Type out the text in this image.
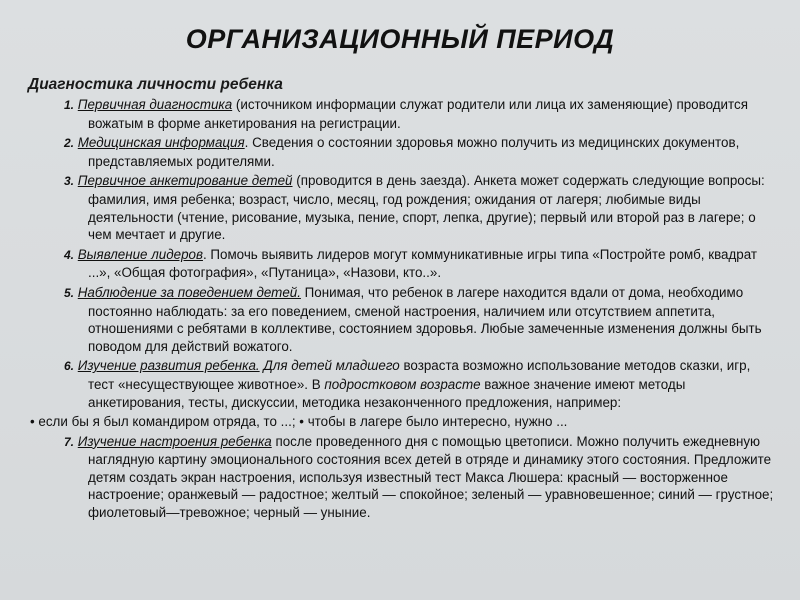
ОРГАНИЗАЦИОННЫЙ ПЕРИОД
Диагностика личности ребенка
1. Первичная диагностика (источником информации служат родители или лица их заменяющие) проводится вожатым в форме анкетирования на регистрации.
2. Медицинская информация. Сведения о состоянии здоровья можно получить из медицинских документов, представляемых родителями.
3. Первичное анкетирование детей (проводится в день заезда). Анкета может содержать следующие вопросы: фамилия, имя ребенка; возраст, число, месяц, год рождения; ожидания от лагеря; любимые виды деятельности (чтение, рисование, музыка, пение, спорт, лепка, другие); первый или второй раз в лагере; о чем мечтает и другие.
4. Выявление лидеров. Помочь выявить лидеров могут коммуникативные игры типа «Постройте ромб, квадрат ...», «Общая фотография», «Путаница», «Назови, кто..».
5. Наблюдение за поведением детей. Понимая, что ребенок в лагере находится вдали от дома, необходимо постоянно наблюдать: за его поведением, сменой настроения, наличием или отсутствием аппетита, отношениями с ребятами в коллективе, состоянием здоровья. Любые замеченные изменения должны быть поводом для действий вожатого.
6. Изучение развития ребенка. Для детей младшего возраста возможно использование методов сказки, игр, тест «несуществующее животное». В подростковом возрасте важное значение имеют методы анкетирования, тесты, дискуссии, методика незаконченного предложения, например:
• если бы я был командиром отряда, то ...; • чтобы в лагере было интересно, нужно ...
7. Изучение настроения ребенка после проведенного дня с помощью цветописи. Можно получить ежедневную наглядную картину эмоционального состояния всех детей в отряде и динамику этого состояния. Предложите детям создать экран настроения, используя известный тест Макса Люшера: красный — восторженное настроение; оранжевый — радостное; желтый — спокойное; зеленый — уравновешенное; синий — грустное; фиолетовый—тревожное; черный — уныние.
